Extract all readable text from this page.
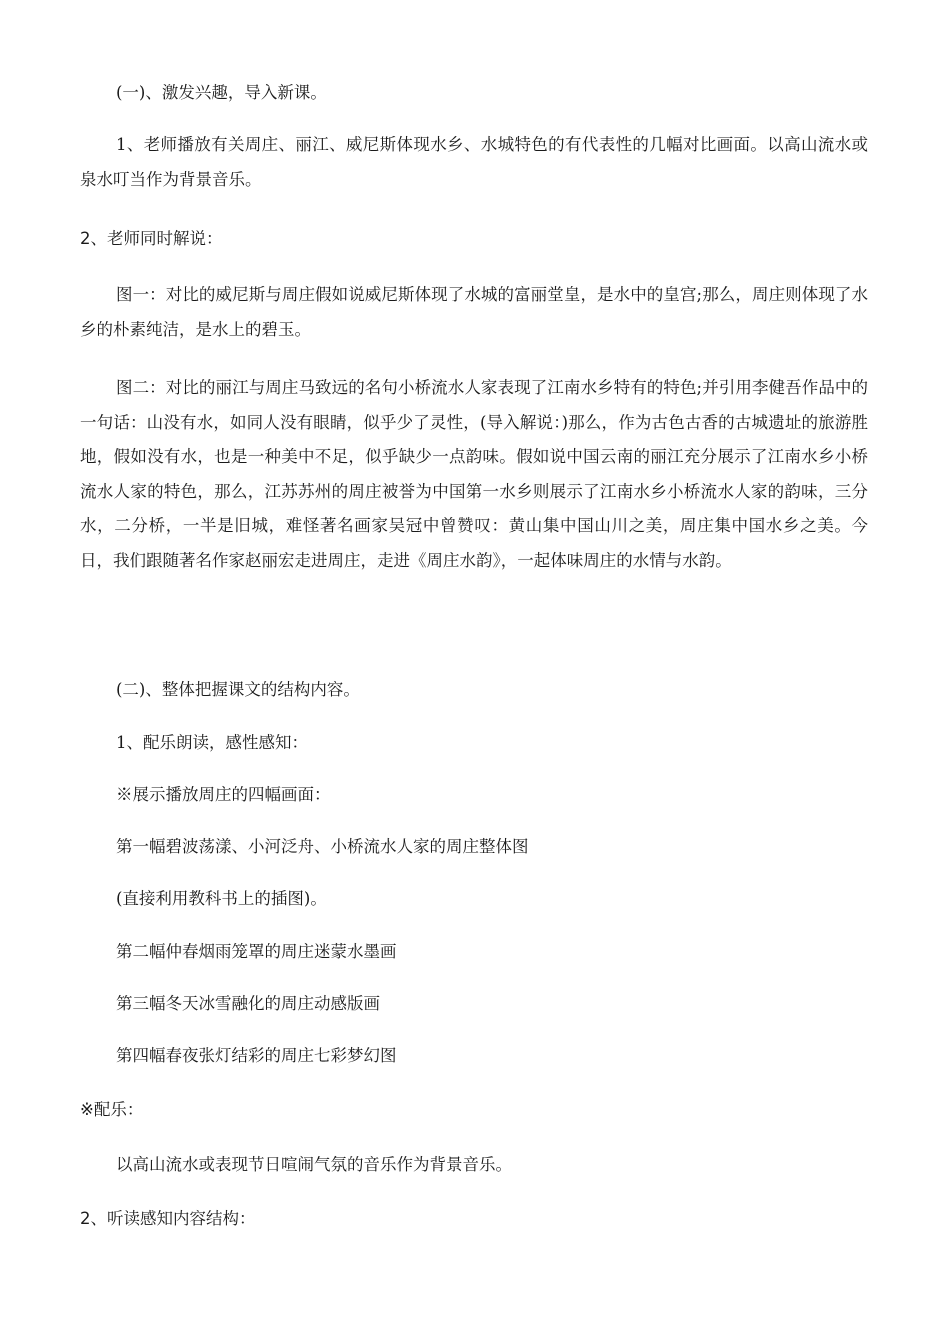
(一)、激发兴趣，导入新课。

1、老师播放有关周庄、丽江、威尼斯体现水乡、水城特色的有代表性的几幅对比画面。以高山流水或泉水叮当作为背景音乐。

2、老师同时解说：

图一：对比的威尼斯与周庄假如说威尼斯体现了水城的富丽堂皇，是水中的皇宫;那么，周庄则体现了水乡的朴素纯洁，是水上的碧玉。

图二：对比的丽江与周庄马致远的名句小桥流水人家表现了江南水乡特有的特色;并引用李健吾作品中的一句话：山没有水，如同人没有眼睛，似乎少了灵性，(导入解说：)那么，作为古色古香的古城遗址的旅游胜地，假如没有水，也是一种美中不足，似乎缺少一点韵味。假如说中国云南的丽江充分展示了江南水乡小桥流水人家的特色，那么，江苏苏州的周庄被誉为中国第一水乡则展示了江南水乡小桥流水人家的韵味，三分水，二分桥，一半是旧城，难怪著名画家吴冠中曾赞叹：黄山集中国山川之美，周庄集中国水乡之美。今日，我们跟随著名作家赵丽宏走进周庄，走进《周庄水韵》，一起体味周庄的水情与水韵。

(二)、整体把握课文的结构内容。

1、配乐朗读，感性感知：

※展示播放周庄的四幅画面：

第一幅碧波荡漾、小河泛舟、小桥流水人家的周庄整体图

(直接利用教科书上的插图)。

第二幅仲春烟雨笼罩的周庄迷蒙水墨画

第三幅冬天冰雪融化的周庄动感版画

第四幅春夜张灯结彩的周庄七彩梦幻图

※配乐：

以高山流水或表现节日喧闹气氛的音乐作为背景音乐。

2、听读感知内容结构：
